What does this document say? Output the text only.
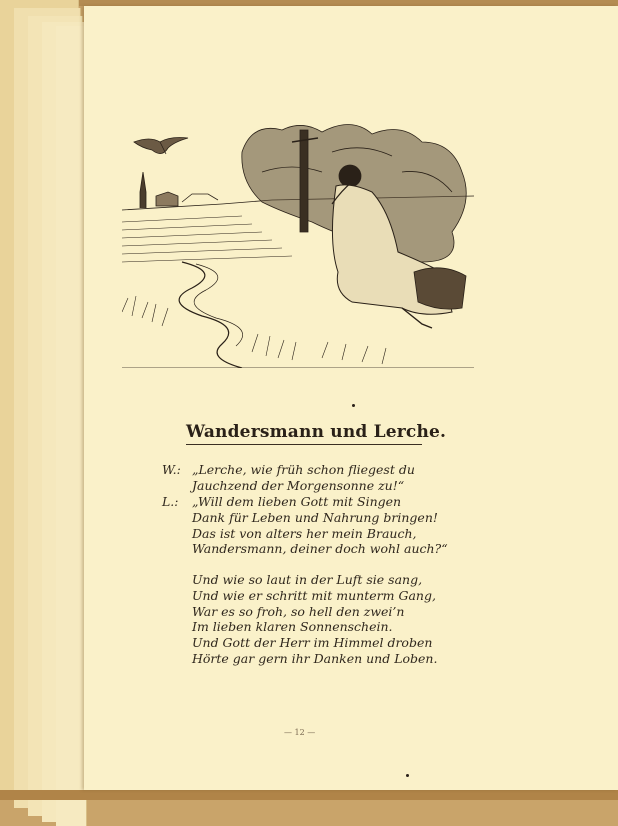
Wandersmann und Lerche.
W.: „Lerche, wie früh schon fliegest du
Jauchzend der Morgensonne zu!“
L.:	„Will dem lieben Gott mit Singen
Dank für Leben und Nahrung bringen!
Das ist von alters her mein Brauch,
Wandersmann, deiner doch wohl auch?“
Und wie so laut in der Luft sie sang,
Und wie er schritt mit munterm Gang,
War es so froh, so hell den zwei’n
Im lieben klaren Sonnenschein.
Und Gott der Herr im Himmel droben
Hörte gar gern ihr Danken und Loben.
— 12 —
